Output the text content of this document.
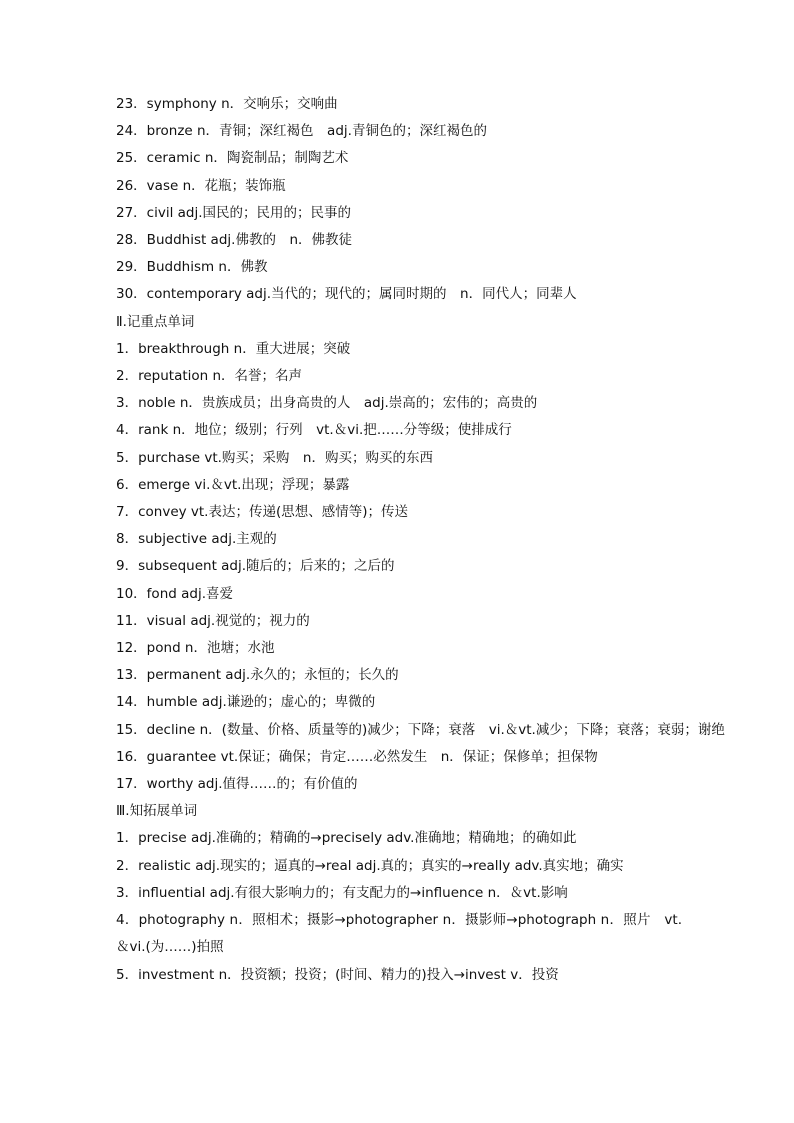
23．symphony n．交响乐；交响曲
24．bronze n．青铜；深红褐色　adj.青铜色的；深红褐色的
25．ceramic n．陶瓷制品；制陶艺术
26．vase n．花瓶；装饰瓶
27．civil adj.国民的；民用的；民事的
28．Buddhist adj.佛教的　n．佛教徒
29．Buddhism n．佛教
30．contemporary adj.当代的；现代的；属同时期的　n．同代人；同辈人
Ⅱ.记重点单词
1．breakthrough n．重大进展；突破
2．reputation n．名誉；名声
3．noble n．贵族成员；出身高贵的人　adj.崇高的；宏伟的；高贵的
4．rank n．地位；级别；行列　vt.＆vi.把……分等级；使排成行
5．purchase vt.购买；采购　n．购买；购买的东西
6．emerge vi.＆vt.出现；浮现；暴露
7．convey vt.表达；传递(思想、感情等)；传送
8．subjective adj.主观的
9．subsequent adj.随后的；后来的；之后的
10．fond adj.喜爱
11．visual adj.视觉的；视力的
12．pond n．池塘；水池
13．permanent adj.永久的；永恒的；长久的
14．humble adj.谦逊的；虚心的；卑微的
15．decline n．(数量、价格、质量等的)减少；下降；衰落　vi.＆vt.减少；下降；衰落；衰弱；谢绝
16．guarantee vt.保证；确保；肯定……必然发生　n．保证；保修单；担保物
17．worthy adj.值得……的；有价值的
Ⅲ.知拓展单词
1．precise adj.准确的；精确的→precisely adv.准确地；精确地；的确如此
2．realistic adj.现实的；逼真的→real adj.真的；真实的→really adv.真实地；确实
3．influential adj.有很大影响力的；有支配力的→influence n．＆vt.影响
4．photography n．照相术；摄影→photographer n．摄影师→photograph n．照片　vt.＆vi.(为……)拍照
5．investment n．投资额；投资；(时间、精力的)投入→invest v．投资
